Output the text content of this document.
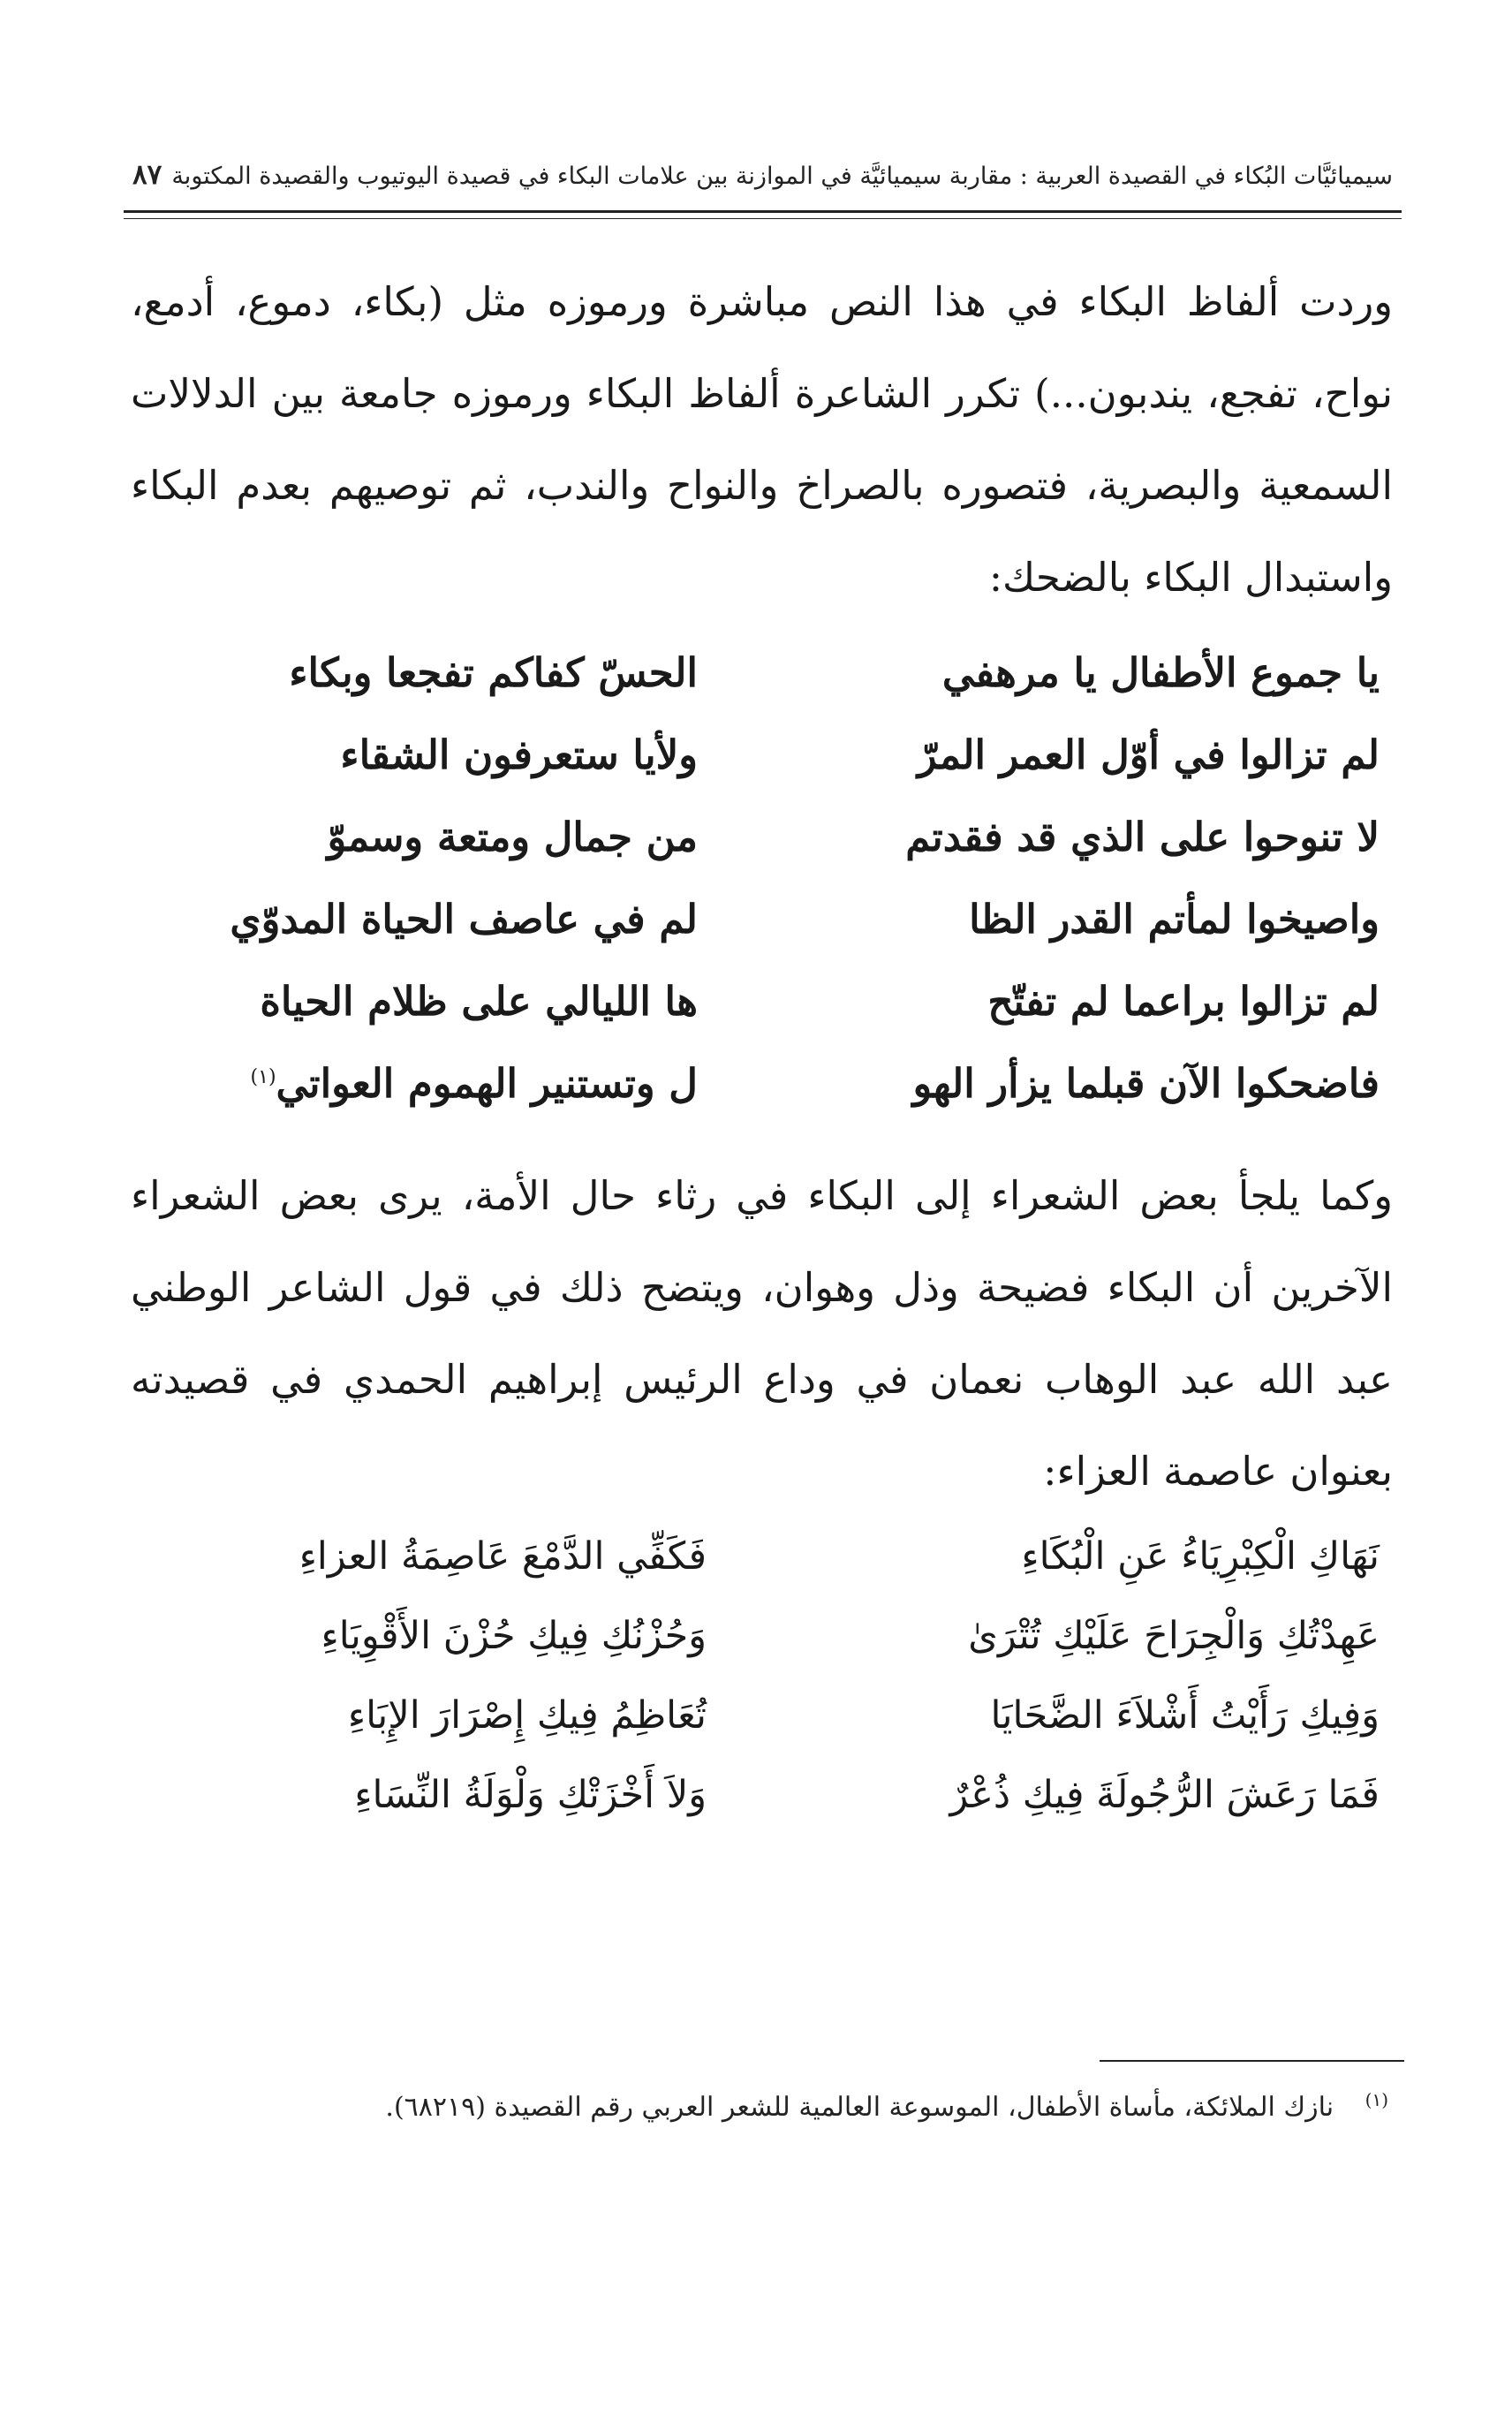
سيميائيَّات البُكاء في القصيدة العربية : مقاربة سيميائيَّة في الموازنة بين علامات البكاء في قصيدة اليوتيوب والقصيدة المكتوبة
٨٧
وردت ألفاظ البكاء في هذا النص مباشرة ورموزه مثل (بكاء، دموع، أدمع، نواح، تفجع، يندبون...) تكرر الشاعرة ألفاظ البكاء ورموزه جامعة بين الدلالات السمعية والبصرية، فتصوره بالصراخ والنواح والندب، ثم توصيهم بعدم البكاء واستبدال البكاء بالضحك:
يا جموع الأطفال يا مرهفي
الحسّ كفاكم تفجعا وبكاء
لم تزالوا في أوّل العمر المرّ
ولأيا ستعرفون الشقاء
لا تنوحوا على الذي قد فقدتم
من جمال ومتعة وسموّ
واصيخوا لمأتم القدر الظا
لم في عاصف الحياة المدوّي
لم تزالوا براعما لم تفتّح
ها الليالي على ظلام الحياة
فاضحكوا الآن قبلما يزأر الهو
ل وتستنير الهموم العواتي$^{(١)}$
وكما يلجأ بعض الشعراء إلى البكاء في رثاء حال الأمة، يرى بعض الشعراء الآخرين أن البكاء فضيحة وذل وهوان، ويتضح ذلك في قول الشاعر الوطني عبد الله عبد الوهاب نعمان في وداع الرئيس إبراهيم الحمدي في قصيدته بعنوان عاصمة العزاء:
نَهَاكِ الْكِبْرِيَاءُ عَنِ الْبُكَاءِ
فَكَفِّي الدَّمْعَ عَاصِمَةُ العزاءِ
عَهِدْتُكِ وَالْجِرَاحَ عَلَيْكِ تُتْرَىٰ
وَحُزْنُكِ فِيكِ حُزْنَ الأَقْوِيَاءِ
وَفِيكِ رَأَيْتُ أَشْلاَءَ الضَّحَايَا
تُعَاظِمُ فِيكِ إِصْرَارَ الإِبَاءِ
فَمَا رَعَشَ الرُّجُولَةَ فِيكِ ذُعْرٌ
وَلاَ أَخْزَتْكِ وَلْوَلَةُ النِّسَاءِ
$^{(١)}$ نازك الملائكة، مأساة الأطفال، الموسوعة العالمية للشعر العربي رقم القصيدة (٦٨٢١٩).
